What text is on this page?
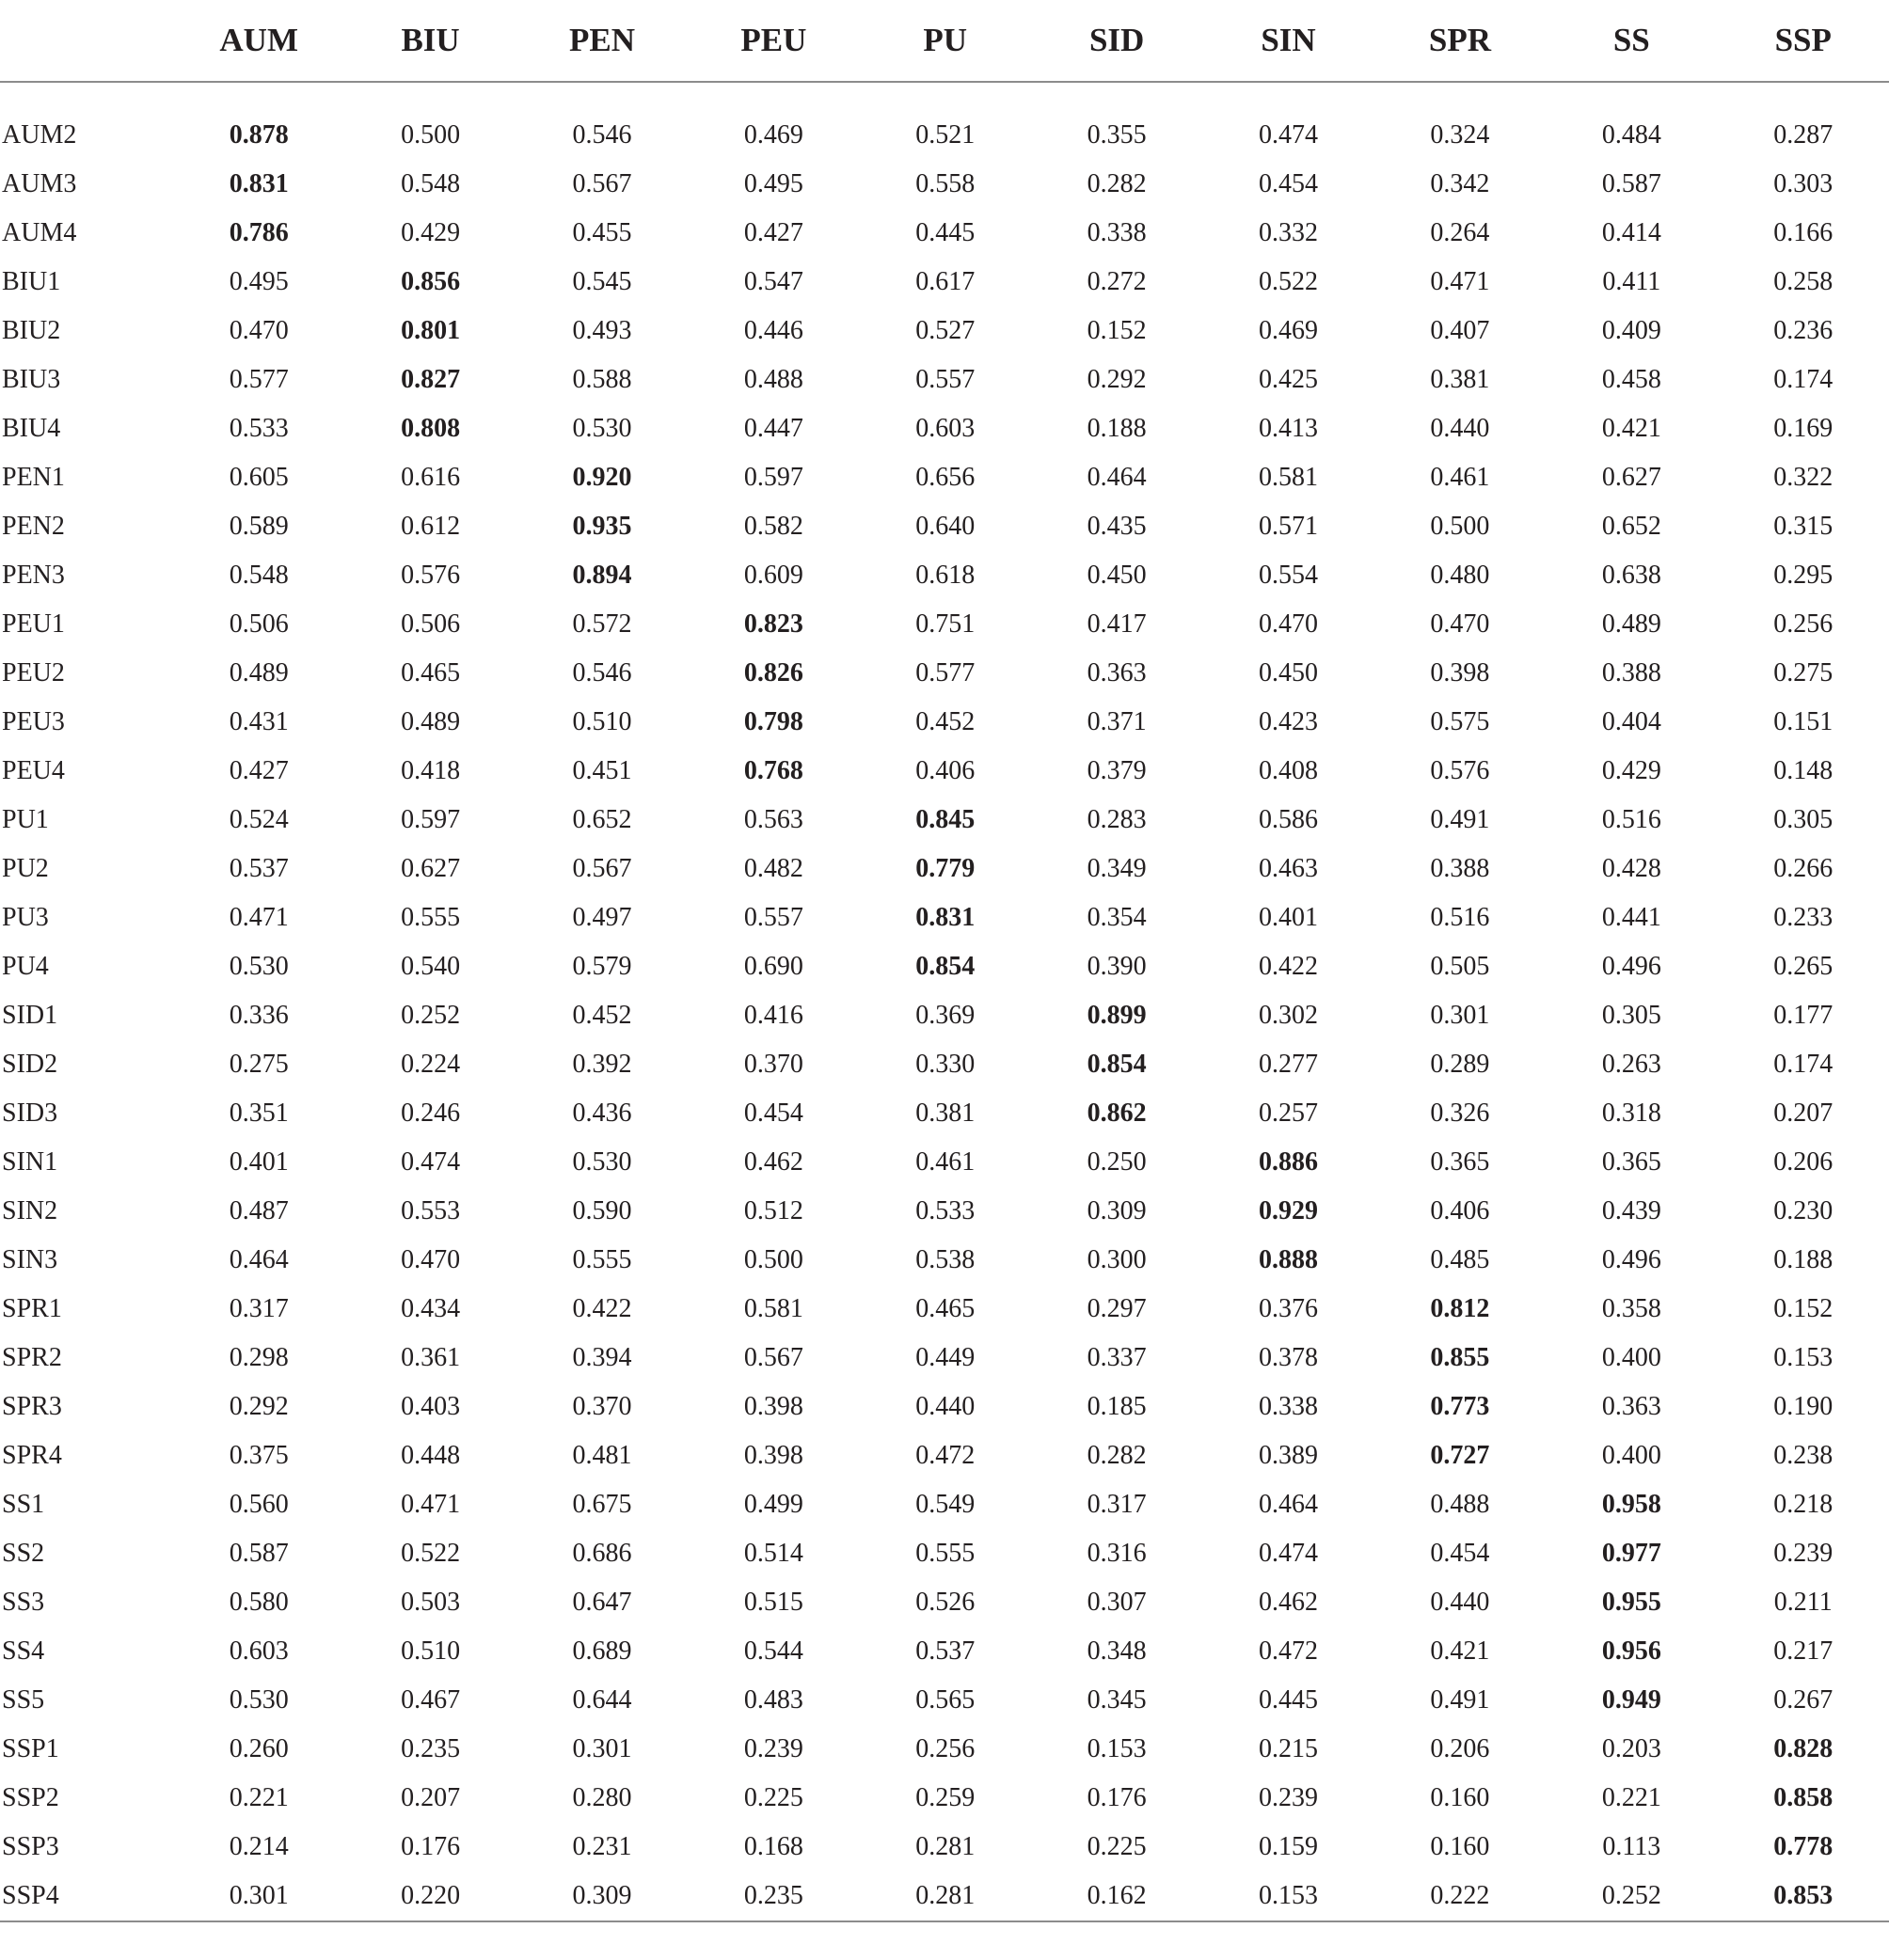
	AUM	BIU	PEN	PEU	PU	SID	SIN	SPR	SS	SSP

AUM2	0.878	0.500	0.546	0.469	0.521	0.355	0.474	0.324	0.484	0.287
AUM3	0.831	0.548	0.567	0.495	0.558	0.282	0.454	0.342	0.587	0.303
AUM4	0.786	0.429	0.455	0.427	0.445	0.338	0.332	0.264	0.414	0.166
BIU1	0.495	0.856	0.545	0.547	0.617	0.272	0.522	0.471	0.411	0.258
BIU2	0.470	0.801	0.493	0.446	0.527	0.152	0.469	0.407	0.409	0.236
BIU3	0.577	0.827	0.588	0.488	0.557	0.292	0.425	0.381	0.458	0.174
BIU4	0.533	0.808	0.530	0.447	0.603	0.188	0.413	0.440	0.421	0.169
PEN1	0.605	0.616	0.920	0.597	0.656	0.464	0.581	0.461	0.627	0.322
PEN2	0.589	0.612	0.935	0.582	0.640	0.435	0.571	0.500	0.652	0.315
PEN3	0.548	0.576	0.894	0.609	0.618	0.450	0.554	0.480	0.638	0.295
PEU1	0.506	0.506	0.572	0.823	0.751	0.417	0.470	0.470	0.489	0.256
PEU2	0.489	0.465	0.546	0.826	0.577	0.363	0.450	0.398	0.388	0.275
PEU3	0.431	0.489	0.510	0.798	0.452	0.371	0.423	0.575	0.404	0.151
PEU4	0.427	0.418	0.451	0.768	0.406	0.379	0.408	0.576	0.429	0.148
PU1	0.524	0.597	0.652	0.563	0.845	0.283	0.586	0.491	0.516	0.305
PU2	0.537	0.627	0.567	0.482	0.779	0.349	0.463	0.388	0.428	0.266
PU3	0.471	0.555	0.497	0.557	0.831	0.354	0.401	0.516	0.441	0.233
PU4	0.530	0.540	0.579	0.690	0.854	0.390	0.422	0.505	0.496	0.265
SID1	0.336	0.252	0.452	0.416	0.369	0.899	0.302	0.301	0.305	0.177
SID2	0.275	0.224	0.392	0.370	0.330	0.854	0.277	0.289	0.263	0.174
SID3	0.351	0.246	0.436	0.454	0.381	0.862	0.257	0.326	0.318	0.207
SIN1	0.401	0.474	0.530	0.462	0.461	0.250	0.886	0.365	0.365	0.206
SIN2	0.487	0.553	0.590	0.512	0.533	0.309	0.929	0.406	0.439	0.230
SIN3	0.464	0.470	0.555	0.500	0.538	0.300	0.888	0.485	0.496	0.188
SPR1	0.317	0.434	0.422	0.581	0.465	0.297	0.376	0.812	0.358	0.152
SPR2	0.298	0.361	0.394	0.567	0.449	0.337	0.378	0.855	0.400	0.153
SPR3	0.292	0.403	0.370	0.398	0.440	0.185	0.338	0.773	0.363	0.190
SPR4	0.375	0.448	0.481	0.398	0.472	0.282	0.389	0.727	0.400	0.238
SS1	0.560	0.471	0.675	0.499	0.549	0.317	0.464	0.488	0.958	0.218
SS2	0.587	0.522	0.686	0.514	0.555	0.316	0.474	0.454	0.977	0.239
SS3	0.580	0.503	0.647	0.515	0.526	0.307	0.462	0.440	0.955	0.211
SS4	0.603	0.510	0.689	0.544	0.537	0.348	0.472	0.421	0.956	0.217
SS5	0.530	0.467	0.644	0.483	0.565	0.345	0.445	0.491	0.949	0.267
SSP1	0.260	0.235	0.301	0.239	0.256	0.153	0.215	0.206	0.203	0.828
SSP2	0.221	0.207	0.280	0.225	0.259	0.176	0.239	0.160	0.221	0.858
SSP3	0.214	0.176	0.231	0.168	0.281	0.225	0.159	0.160	0.113	0.778
SSP4	0.301	0.220	0.309	0.235	0.281	0.162	0.153	0.222	0.252	0.853
